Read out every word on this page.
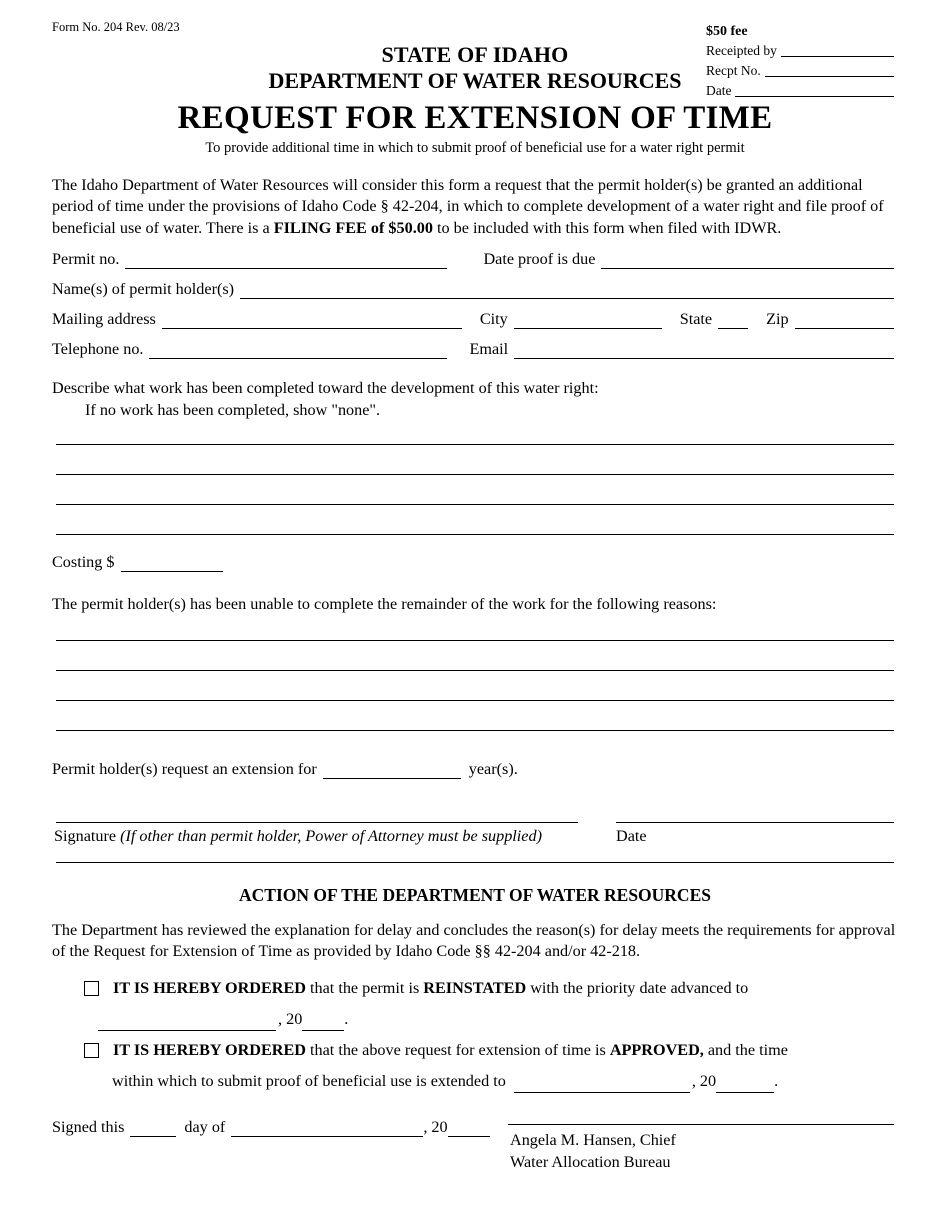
Form No. 204 Rev. 08/23	$50 fee
Receipted by
Recpt No.
Date
STATE OF IDAHO
DEPARTMENT OF WATER RESOURCES
REQUEST FOR EXTENSION OF TIME
To provide additional time in which to submit proof of beneficial use for a water right permit
The Idaho Department of Water Resources will consider this form a request that the permit holder(s) be granted an additional period of time under the provisions of Idaho Code § 42-204, in which to complete development of a water right and file proof of beneficial use of water. There is a FILING FEE of $50.00 to be included with this form when filed with IDWR.
Permit no.	Date proof is due
Name(s) of permit holder(s)
Mailing address	City	State	Zip
Telephone no.	Email
Describe what work has been completed toward the development of this water right:
If no work has been completed, show "none".
Costing $
The permit holder(s) has been unable to complete the remainder of the work for the following reasons:
Permit holder(s) request an extension for	year(s).
Signature (If other than permit holder, Power of Attorney must be supplied)	Date
ACTION OF THE DEPARTMENT OF WATER RESOURCES
The Department has reviewed the explanation for delay and concludes the reason(s) for delay meets the requirements for approval of the Request for Extension of Time as provided by Idaho Code §§ 42-204 and/or 42-218.
IT IS HEREBY ORDERED that the permit is REINSTATED with the priority date advanced to
, 20	.
IT IS HEREBY ORDERED that the above request for extension of time is APPROVED, and the time
within which to submit proof of beneficial use is extended to	, 20	.
Signed this	day of	, 20
Angela M. Hansen, Chief
Water Allocation Bureau
